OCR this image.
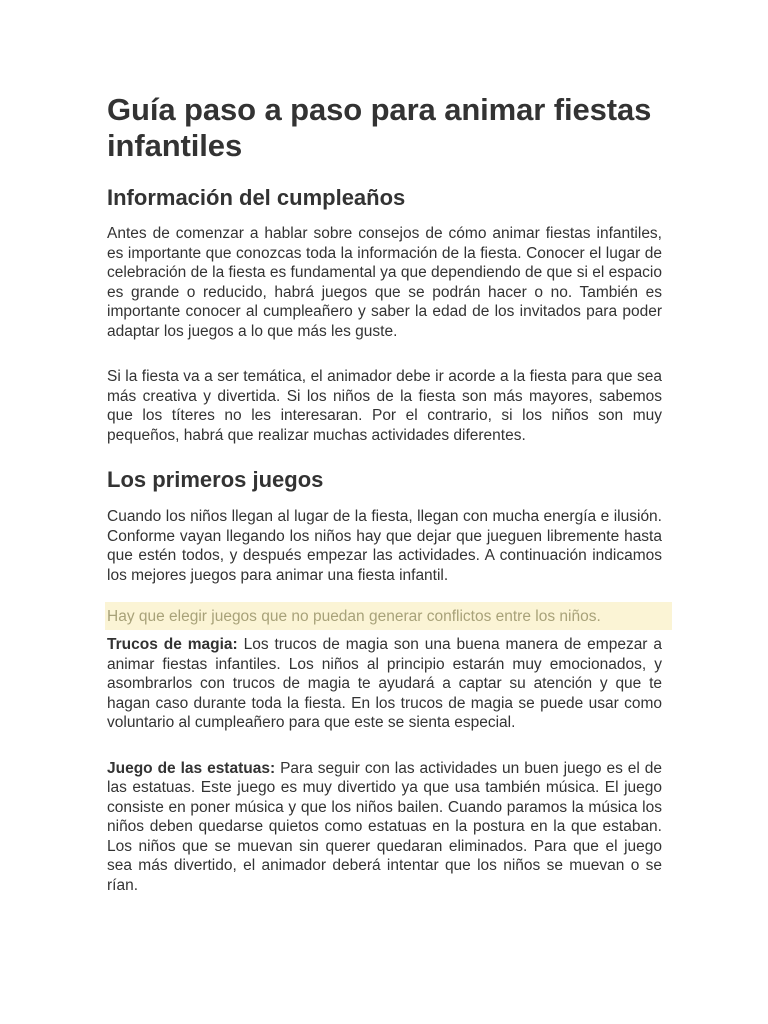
Guía paso a paso para animar fiestas infantiles
Información del cumpleaños

Antes de comenzar a hablar sobre consejos de cómo animar fiestas infantiles, es importante que conozcas toda la información de la fiesta. Conocer el lugar de celebración de la fiesta es fundamental ya que dependiendo de que si el espacio es grande o reducido, habrá juegos que se podrán hacer o no. También es importante conocer al cumpleañero y saber la edad de los invitados para poder adaptar los juegos a lo que más les guste.

Si la fiesta va a ser temática, el animador debe ir acorde a la fiesta para que sea más creativa y divertida. Si los niños de la fiesta son más mayores, sabemos que los títeres no les interesaran. Por el contrario, si los niños son muy pequeños, habrá que realizar muchas actividades diferentes.

Los primeros juegos

Cuando los niños llegan al lugar de la fiesta, llegan con mucha energía e ilusión. Conforme vayan llegando los niños hay que dejar que jueguen libremente hasta que estén todos, y después empezar las actividades. A continuación indicamos los mejores juegos para animar una fiesta infantil.

Hay que elegir juegos que no puedan generar conflictos entre los niños.

Trucos de magia: Los trucos de magia son una buena manera de empezar a animar fiestas infantiles. Los niños al principio estarán muy emocionados, y asombrarlos con trucos de magia te ayudará a captar su atención y que te hagan caso durante toda la fiesta. En los trucos de magia se puede usar como voluntario al cumpleañero para que este se sienta especial.

Juego de las estatuas: Para seguir con las actividades un buen juego es el de las estatuas. Este juego es muy divertido ya que usa también música. El juego consiste en poner música y que los niños bailen. Cuando paramos la música los niños deben quedarse quietos como estatuas en la postura en la que estaban. Los niños que se muevan sin querer quedaran eliminados. Para que el juego sea más divertido, el animador deberá intentar que los niños se muevan o se rían.
